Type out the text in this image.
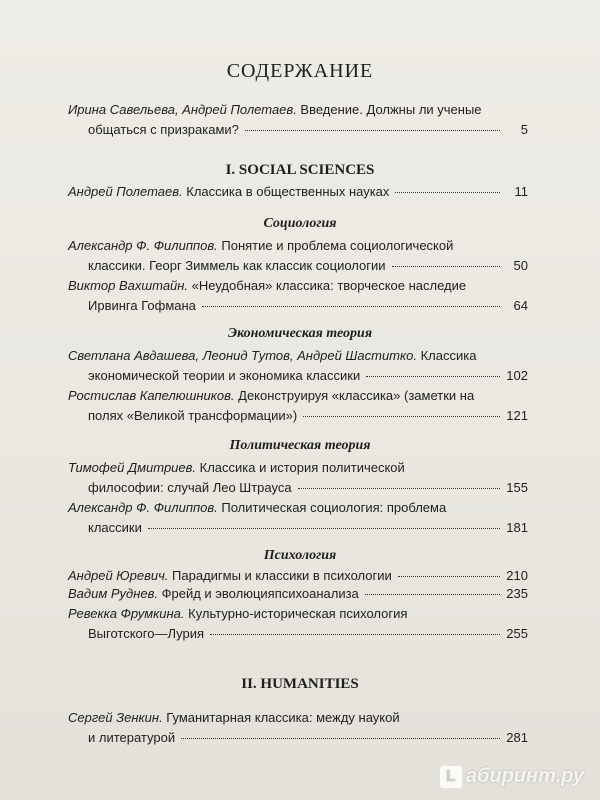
СОДЕРЖАНИЕ
Ирина Савельева, Андрей Полетаев. Введение. Должны ли ученые
общаться с призраками?	5
I. SOCIAL SCIENCES
Андрей Полетаев. Классика в общественных науках	11
Социология
Александр Ф. Филиппов. Понятие и проблема социологической
классики. Георг Зиммель как классик социологии	50
Виктор Вахштайн. «Неудобная» классика: творческое наследие
Ирвинга Гофмана	64
Экономическая теория
Светлана Авдашева, Леонид Тутов, Андрей Шаститко. Классика
экономической теории и экономика классики	102
Ростислав Капелюшников. Деконструируя «классика» (заметки на
полях «Великой трансформации»)	121
Политическая теория
Тимофей Дмитриев. Классика и история политической
философии: случай Лео Штрауса	155
Александр Ф. Филиппов. Политическая социология: проблема
классики	181
Психология
Андрей Юревич. Парадигмы и классики в психологии	210
Вадим Руднев. Фрейд и эволюцияпсихоанализа	235
Ревекка Фрумкина. Культурно-историческая психология
Выготского—Лурия	255
II. HUMANITIES
Сергей Зенкин. Гуманитарная классика: между наукой
и литературой	281
L абиринт.ру
